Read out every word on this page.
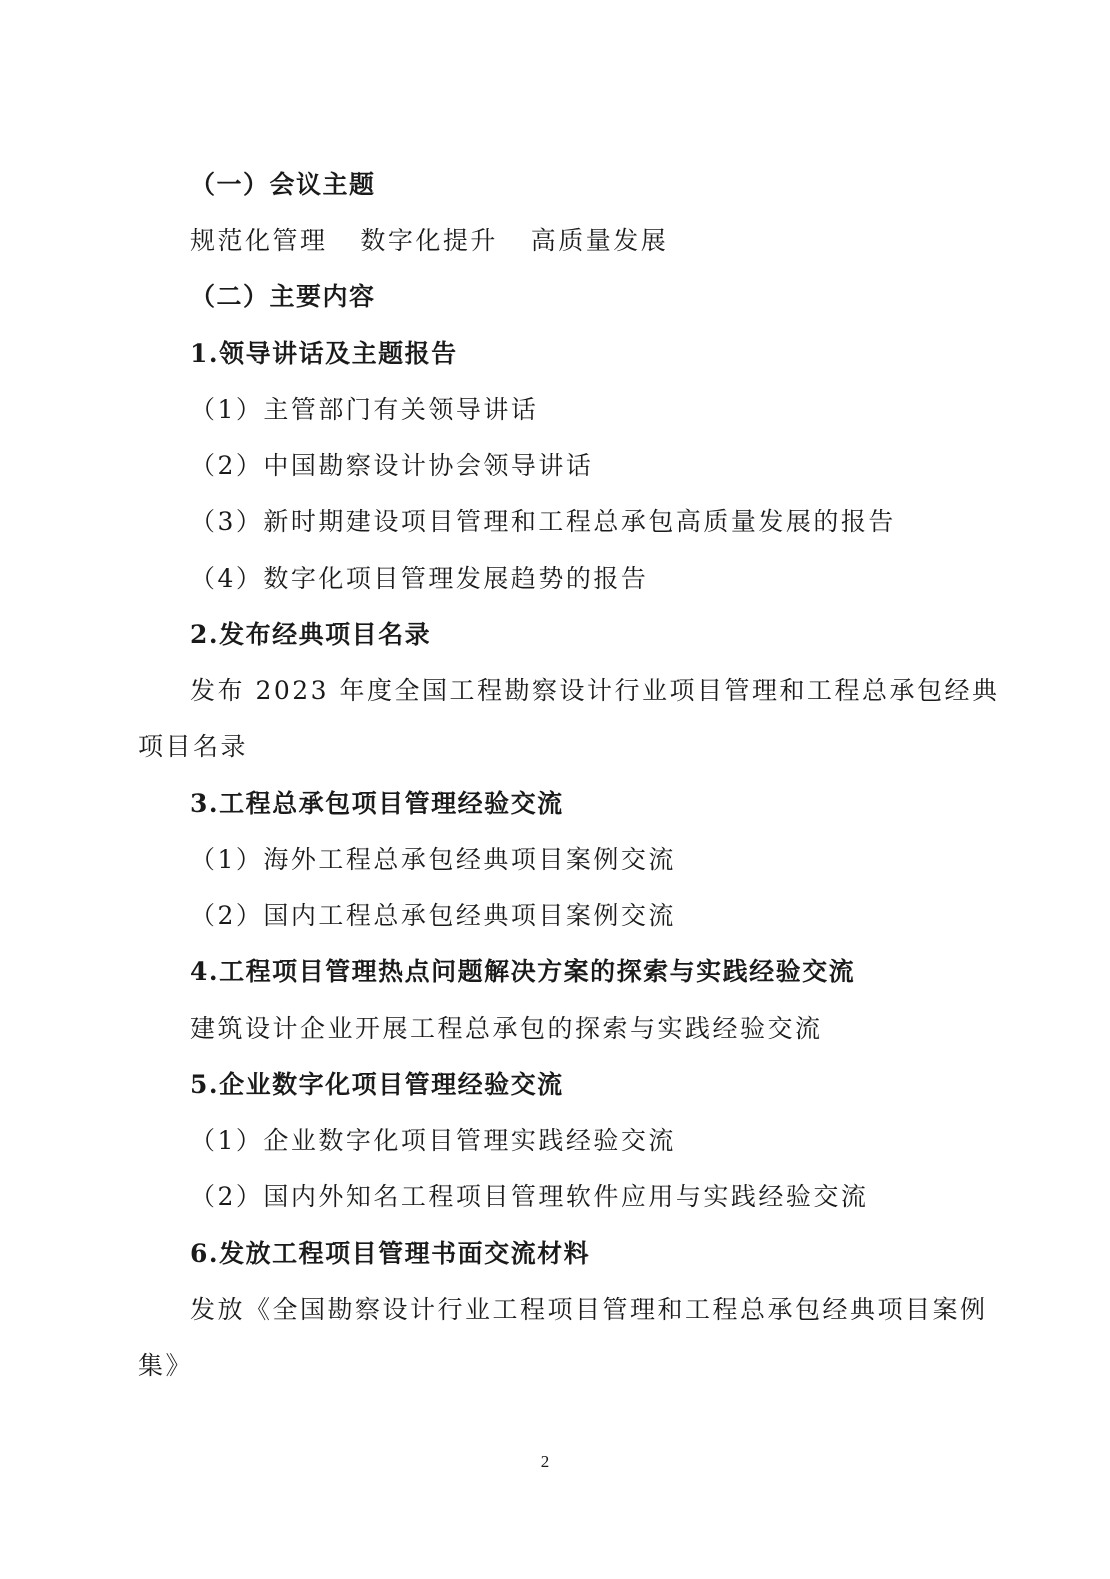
（一）会议主题
规范化管理  数字化提升  高质量发展
（二）主要内容
1.领导讲话及主题报告
（1）主管部门有关领导讲话
（2）中国勘察设计协会领导讲话
（3）新时期建设项目管理和工程总承包高质量发展的报告
（4）数字化项目管理发展趋势的报告
2.发布经典项目名录
发布 2023 年度全国工程勘察设计行业项目管理和工程总承包经典
项目名录
3.工程总承包项目管理经验交流
（1）海外工程总承包经典项目案例交流
（2）国内工程总承包经典项目案例交流
4.工程项目管理热点问题解决方案的探索与实践经验交流
建筑设计企业开展工程总承包的探索与实践经验交流
5.企业数字化项目管理经验交流
（1）企业数字化项目管理实践经验交流
（2）国内外知名工程项目管理软件应用与实践经验交流
6.发放工程项目管理书面交流材料
发放《全国勘察设计行业工程项目管理和工程总承包经典项目案例
集》
2
